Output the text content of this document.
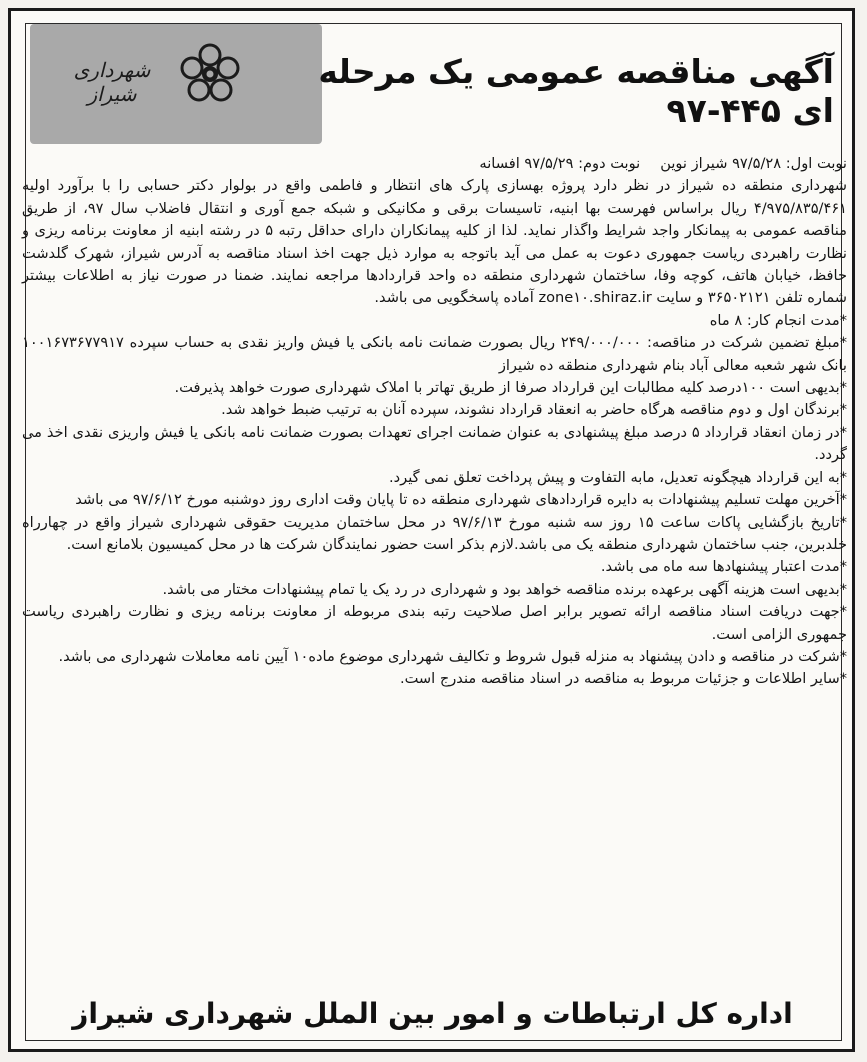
شهرداری شیراز
آگهی مناقصه عمومی یک مرحله ای ۴۴۵-۹۷
نوبت اول: ۹۷/۵/۲۸ شیراز نوین
نوبت دوم: ۹۷/۵/۲۹ افسانه

شهرداری منطقه ده شیراز در نظر دارد پروژه بهسازی پارک های انتظار و فاطمی واقع در بولوار دکتر حسابی را با برآورد اولیه ۴/۹۷۵/۸۳۵/۴۶۱ ریال براساس فهرست بها ابنیه، تاسیسات برقی و مکانیکی و شبکه جمع آوری و انتقال فاضلاب سال ۹۷، از طریق مناقصه عمومی به پیمانکار واجد شرایط واگذار نماید. لذا از کلیه پیمانکاران دارای حداقل رتبه ۵ در رشته ابنیه از معاونت برنامه ریزی و نظارت راهبردی ریاست جمهوری دعوت به عمل می آید باتوجه به موارد ذیل جهت اخذ اسناد مناقصه به آدرس شیراز، شهرک گلدشت حافظ، خیابان هاتف، کوچه وفا، ساختمان شهرداری منطقه ده واحد قراردادها مراجعه نمایند. ضمنا در صورت نیاز به اطلاعات بیشتر شماره تلفن ۳۶۵۰۲۱۲۱ و سایت zone۱۰.shiraz.ir آماده پاسخگویی می باشد.

*مدت انجام کار: ۸ ماه

*مبلغ تضمین شرکت در مناقصه: ۲۴۹/۰۰۰/۰۰۰ ریال بصورت ضمانت نامه بانکی یا فیش واریز نقدی به حساب سپرده ۱۰۰۱۶۷۳۶۷۷۹۱۷ بانک شهر شعبه معالی آباد بنام شهرداری منطقه ده شیراز

*بدیهی است ۱۰۰درصد کلیه مطالبات این قرارداد صرفا از طریق تهاتر با املاک شهرداری صورت خواهد پذیرفت.

*برندگان اول و دوم مناقصه هرگاه حاضر به انعقاد قرارداد نشوند، سپرده آنان به ترتیب ضبط خواهد شد.

*در زمان انعقاد قرارداد ۵ درصد مبلغ پیشنهادی به عنوان ضمانت اجرای تعهدات بصورت ضمانت نامه بانکی یا فیش واریزی نقدی اخذ می گردد.

*به این قرارداد هیچگونه تعدیل، مابه التفاوت و پیش پرداخت تعلق نمی گیرد.

*آخرین مهلت تسلیم پیشنهادات به دایره قراردادهای شهرداری منطقه ده تا پایان وقت اداری روز دوشنبه مورخ ۹۷/۶/۱۲ می باشد

*تاریخ بازگشایی پاکات ساعت ۱۵ روز سه شنبه مورخ ۹۷/۶/۱۳ در محل ساختمان مدیریت حقوقی شهرداری شیراز واقع در چهارراه خلدبرین، جنب ساختمان شهرداری منطقه یک می باشد.لازم بذکر است حضور نمایندگان شرکت ها در محل کمیسیون بلامانع است.

*مدت اعتبار پیشنهادها سه ماه می باشد.

*بدیهی است هزینه آگهی برعهده برنده مناقصه خواهد بود و شهرداری در رد یک یا تمام پیشنهادات مختار می باشد.

*جهت دریافت اسناد مناقصه ارائه تصویر برابر اصل صلاحیت رتبه بندی مربوطه از معاونت برنامه ریزی و نظارت راهبردی ریاست جمهوری الزامی است.

*شرکت در مناقصه و دادن پیشنهاد به منزله قبول شروط و تکالیف شهرداری موضوع ماده۱۰ آیین نامه معاملات شهرداری می باشد.

*سایر اطلاعات و جزئیات مربوط به مناقصه در اسناد مناقصه مندرج است.

اداره کل ارتباطات و امور بین الملل شهرداری شیراز
